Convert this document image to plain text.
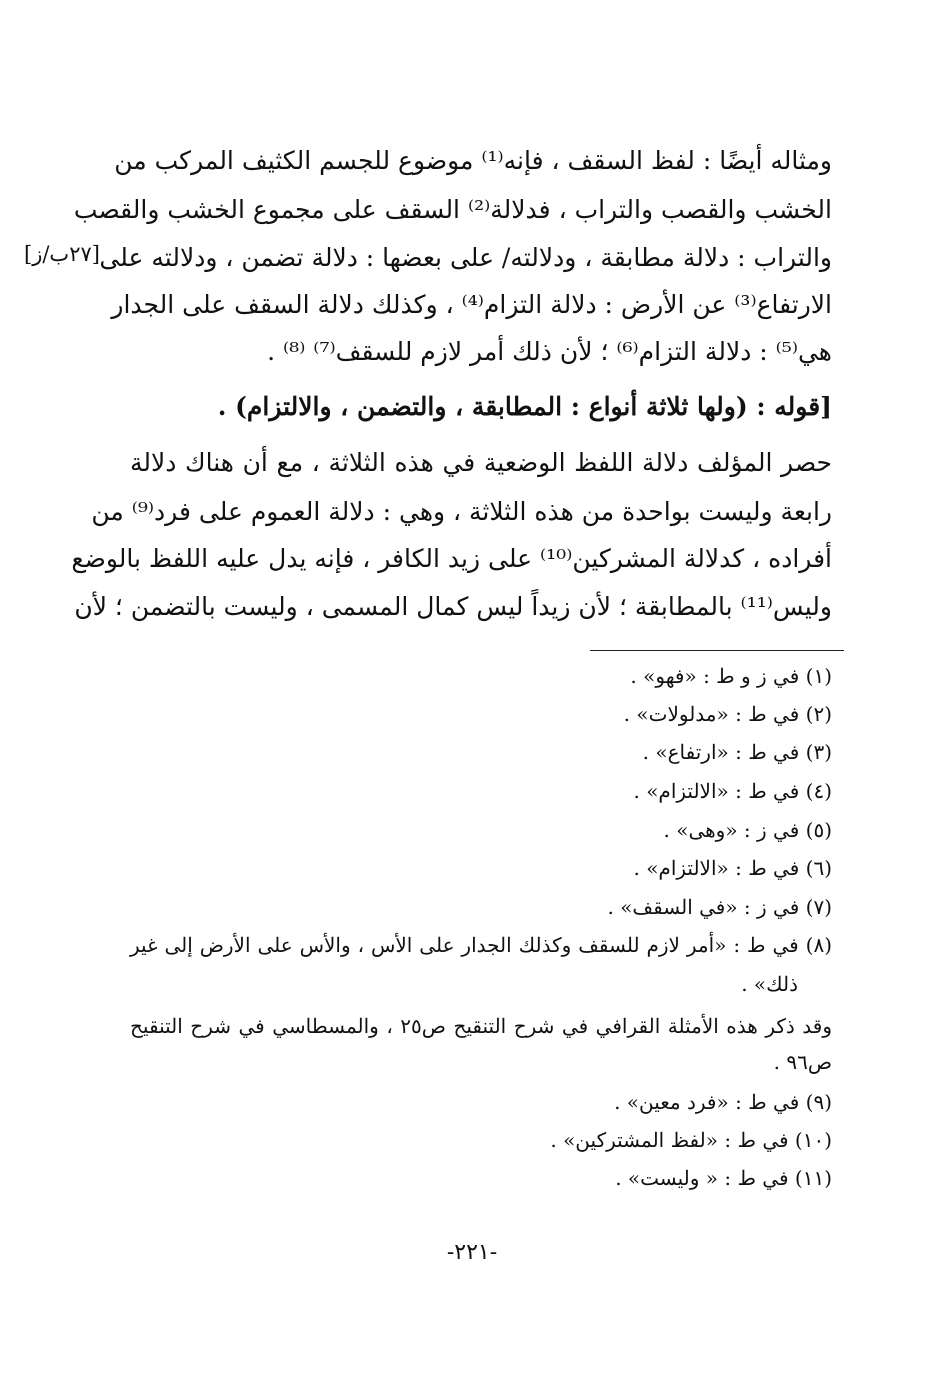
[٢٧ب/ز]
ومثاله أيضًا : لفظ السقف ، فإنه⁽¹⁾ موضوع للجسم الكثيف المركب من
الخشب والقصب والتراب ، فدلالة⁽²⁾ السقف على مجموع الخشب والقصب
والتراب : دلالة مطابقة ، ودلالته/ على بعضها : دلالة تضمن ، ودلالته على
الارتفاع⁽³⁾ عن الأرض : دلالة التزام⁽⁴⁾ ، وكذلك دلالة السقف على الجدار
هي⁽⁵⁾ : دلالة التزام⁽⁶⁾ ؛ لأن ذلك أمر لازم للسقف⁽⁷⁾ ⁽⁸⁾ .
[قوله : (ولها ثلاثة أنواع : المطابقة ، والتضمن ، والالتزام) .
حصر المؤلف دلالة اللفظ الوضعية في هذه الثلاثة ، مع أن هناك دلالة
رابعة وليست بواحدة من هذه الثلاثة ، وهي : دلالة العموم على فرد⁽⁹⁾ من
أفراده ، كدلالة المشركين⁽¹⁰⁾ على زيد الكافر ، فإنه يدل عليه اللفظ بالوضع
وليس⁽¹¹⁾ بالمطابقة ؛ لأن زيداً ليس كمال المسمى ، وليست بالتضمن ؛ لأن
(١) في ز و ط : «فهو» .
(٢) في ط : «مدلولات» .
(٣) في ط : «ارتفاع» .
(٤) في ط : «الالتزام» .
(٥) في ز : «وهى» .
(٦) في ط : «الالتزام» .
(٧) في ز : «في السقف» .
(٨) في ط : «أمر لازم للسقف وكذلك الجدار على الأس ، والأس على الأرض إلى غير
ذلك» .
وقد ذكر هذه الأمثلة القرافي في شرح التنقيح ص٢٥ ، والمسطاسي في شرح التنقيح
ص٩٦ .
(٩) في ط : «فرد معين» .
(١٠) في ط : «لفظ المشتركين» .
(١١) في ط : « وليست» .
-٢٢١-
